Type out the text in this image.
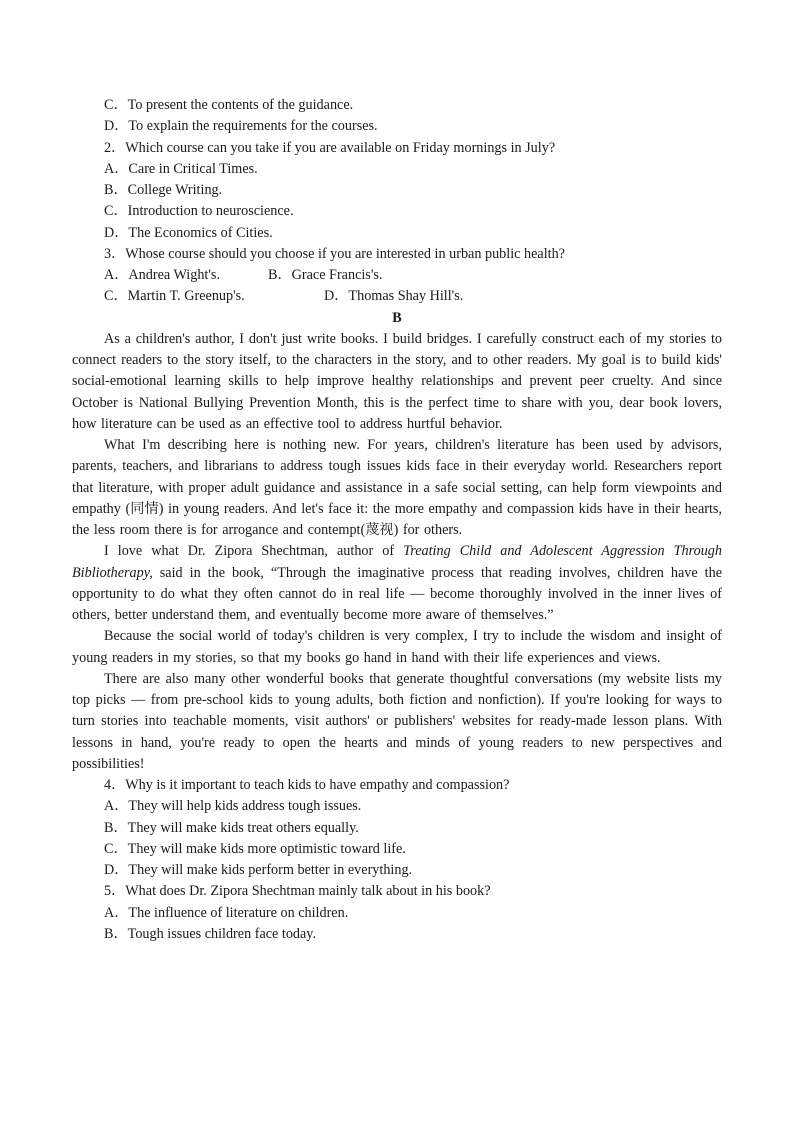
C．To present the contents of the guidance.
D．To explain the requirements for the courses.
2．Which course can you take if you are available on Friday mornings in July?
A．Care in Critical Times.
B．College Writing.
C．Introduction to neuroscience.
D．The Economics of Cities.
3．Whose course should you choose if you are interested in urban public health?
A．Andrea Wight's.	B．Grace Francis's.
C．Martin T. Greenup's.	D．Thomas Shay Hill's.
B

As a children's author, I don't just write books. I build bridges. I carefully construct each of my stories to connect readers to the story itself, to the characters in the story, and to other readers. My goal is to build kids' social-emotional learning skills to help improve healthy relationships and prevent peer cruelty. And since October is National Bullying Prevention Month, this is the perfect time to share with you, dear book lovers, how literature can be used as an effective tool to address hurtful behavior.

What I'm describing here is nothing new. For years, children's literature has been used by advisors, parents, teachers, and librarians to address tough issues kids face in their everyday world. Researchers report that literature, with proper adult guidance and assistance in a safe social setting, can help form viewpoints and empathy (同情) in young readers. And let's face it: the more empathy and compassion kids have in their hearts, the less room there is for arrogance and contempt(蔑视) for others.

I love what Dr. Zipora Shechtman, author of Treating Child and Adolescent Aggression Through Bibliotherapy, said in the book, “Through the imaginative process that reading involves, children have the opportunity to do what they often cannot do in real life — become thoroughly involved in the inner lives of others, better understand them, and eventually become more aware of themselves.”

Because the social world of today's children is very complex, I try to include the wisdom and insight of young readers in my stories, so that my books go hand in hand with their life experiences and views.

There are also many other wonderful books that generate thoughtful conversations (my website lists my top picks — from pre-school kids to young adults, both fiction and nonfiction). If you're looking for ways to turn stories into teachable moments, visit authors' or publishers' websites for ready-made lesson plans. With lessons in hand, you're ready to open the hearts and minds of young readers to new perspectives and possibilities!

4．Why is it important to teach kids to have empathy and compassion?
A．They will help kids address tough issues.
B．They will make kids treat others equally.
C．They will make kids more optimistic toward life.
D．They will make kids perform better in everything.
5．What does Dr. Zipora Shechtman mainly talk about in his book?
A．The influence of literature on children.
B．Tough issues children face today.
